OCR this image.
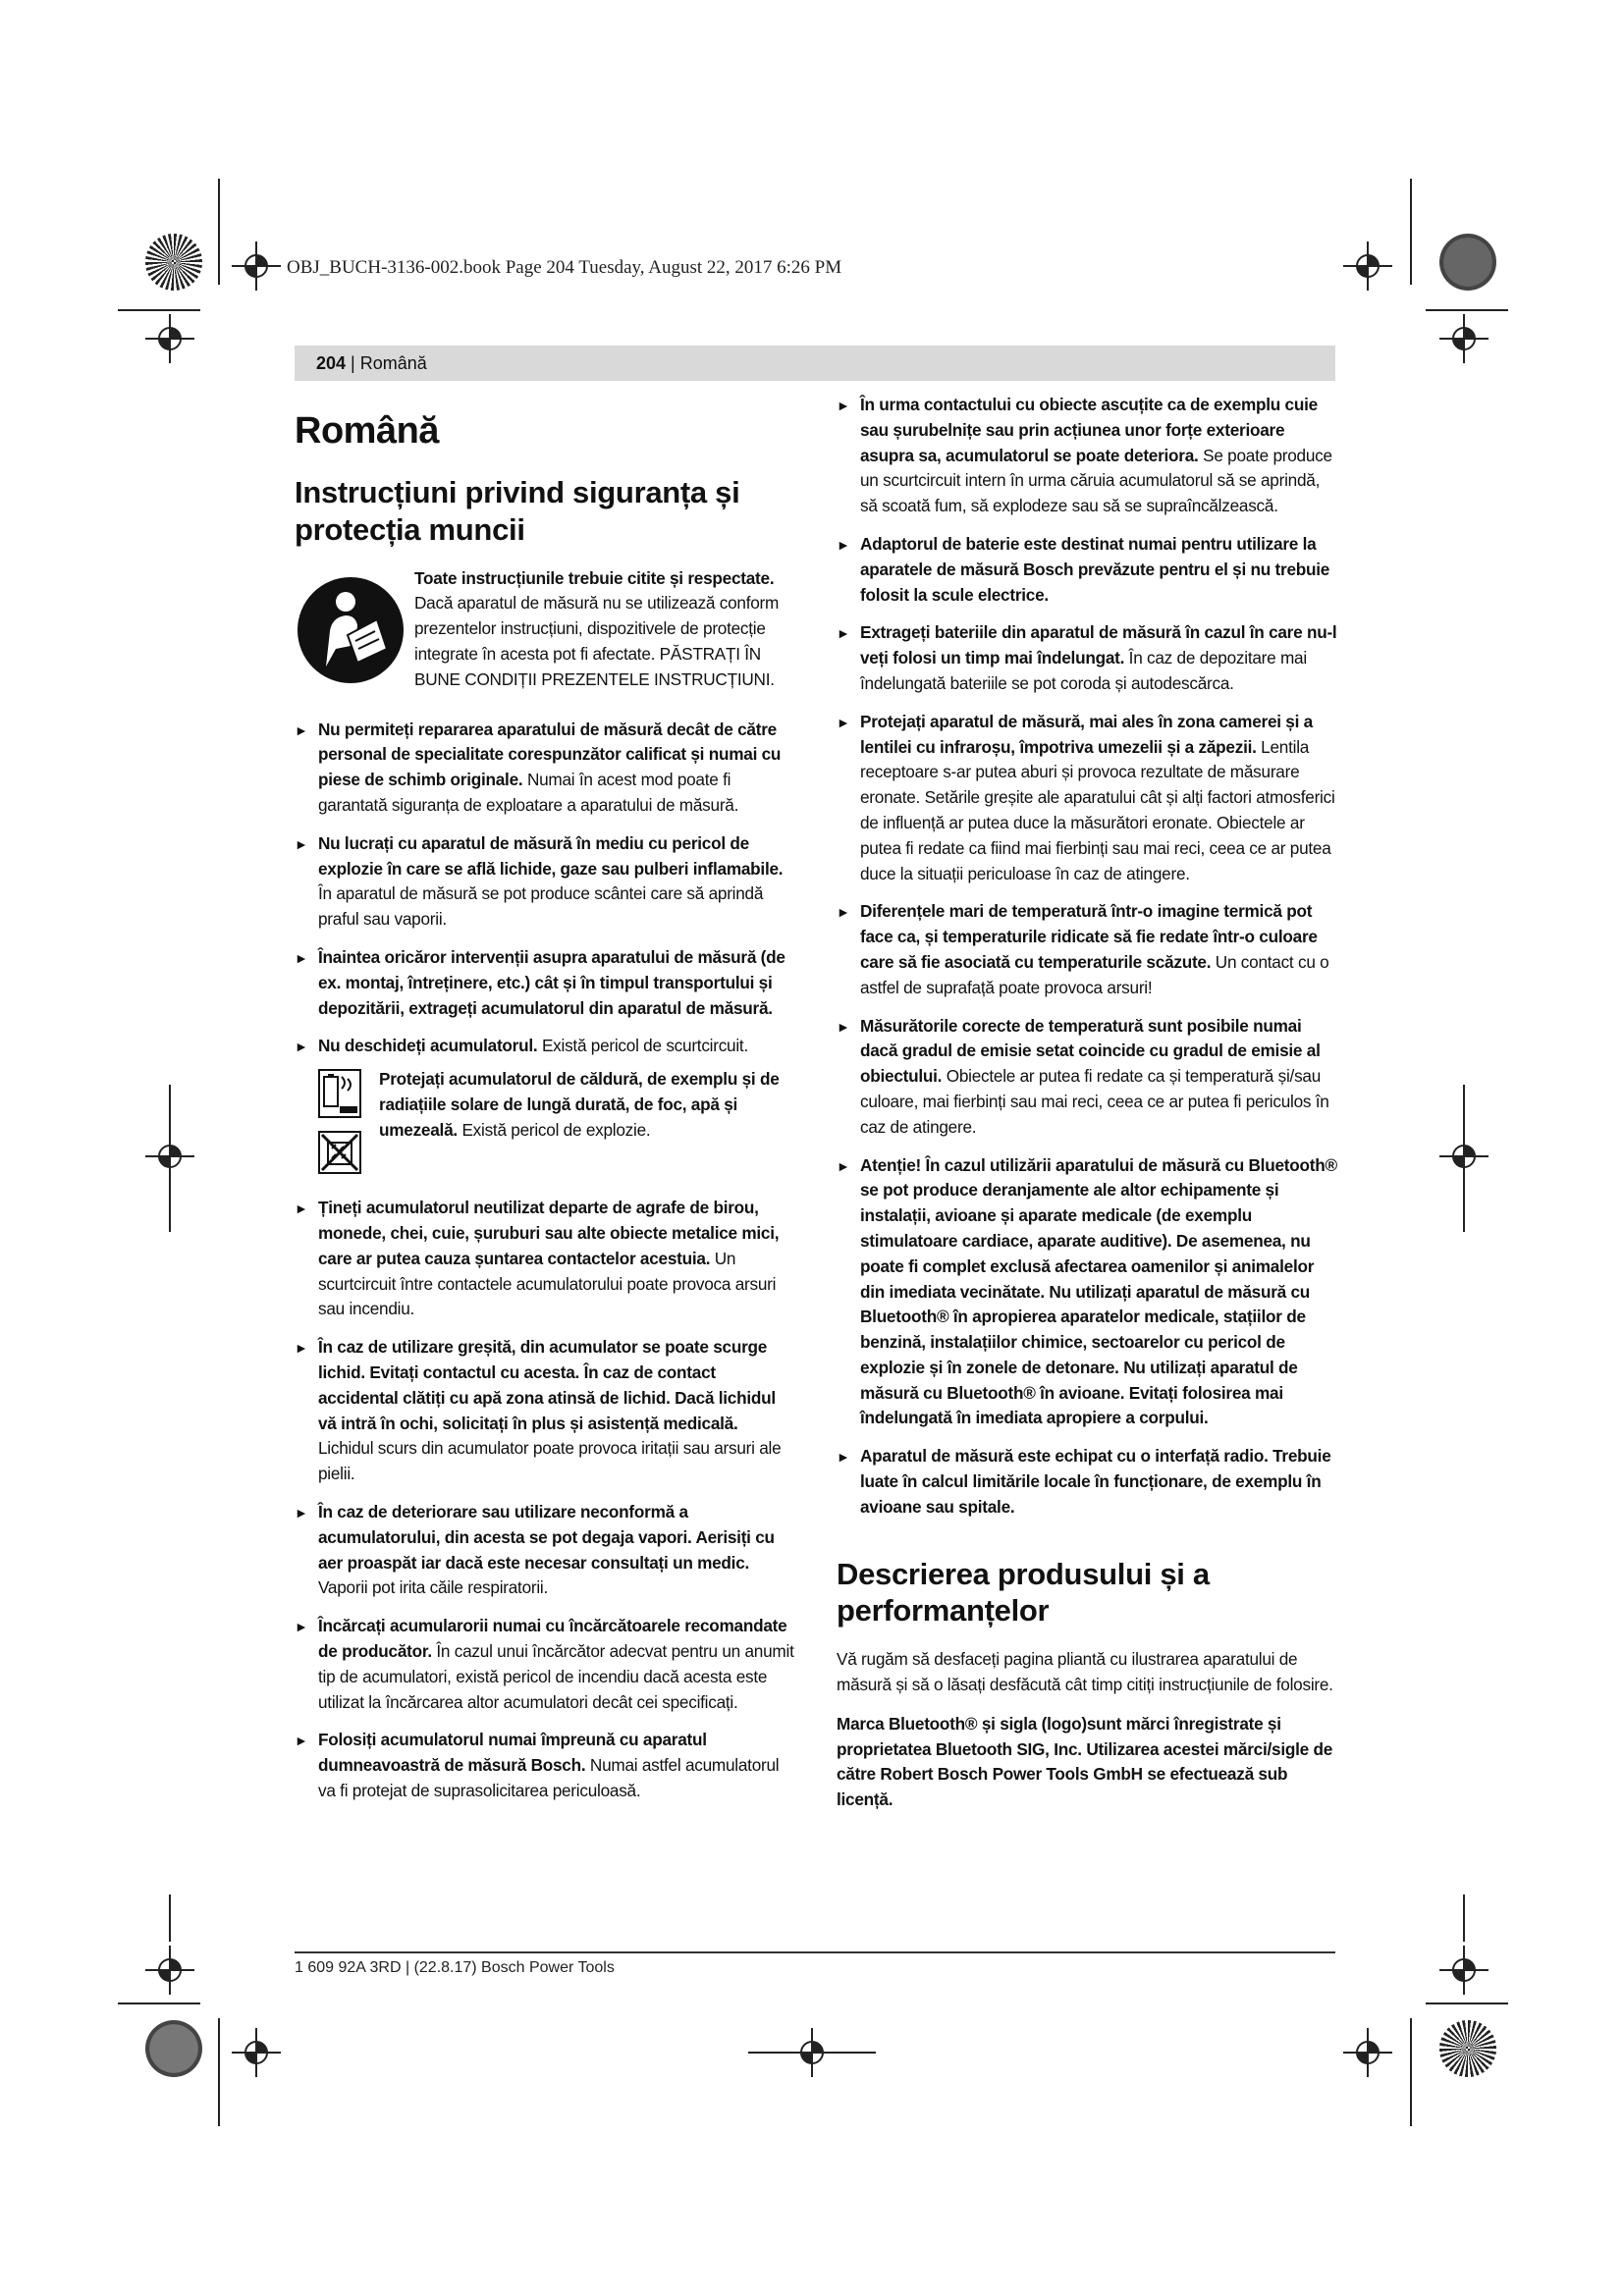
OBJ_BUCH-3136-002.book Page 204 Tuesday, August 22, 2017 6:26 PM
204 | Română
Română
Instrucțiuni privind siguranța și protecția muncii

Toate instrucțiunile trebuie citite și respectate. Dacă aparatul de măsură nu se utilizează conform prezentelor instrucțiuni, dispozitivele de protecție integrate în acesta pot fi afectate. PĂSTRAȚI ÎN BUNE CONDIȚII PREZENTELE INSTRUCȚIUNI.

► Nu permiteți repararea aparatului de măsură decât de către personal de specialitate corespunzător calificat și numai cu piese de schimb originale. Numai în acest mod poate fi garantată siguranța de exploatare a aparatului de măsură.
► Nu lucrați cu aparatul de măsură în mediu cu pericol de explozie în care se află lichide, gaze sau pulberi inflamabile. În aparatul de măsură se pot produce scântei care să aprindă praful sau vaporii.
► Înaintea oricăror intervenții asupra aparatului de măsură (de ex. montaj, întreținere, etc.) cât și în timpul transportului și depozitării, extrageți acumulatorul din aparatul de măsură.
► Nu deschideți acumulatorul. Există pericol de scurtcircuit.

Protejați acumulatorul de căldură, de exemplu și de radiațiile solare de lungă durată, de foc, apă și umezeală. Există pericol de explozie.

► Țineți acumulatorul neutilizat departe de agrafe de birou, monede, chei, cuie, șuruburi sau alte obiecte metalice mici, care ar putea cauza șuntarea contactelor acestuia. Un scurtcircuit între contactele acumulatorului poate provoca arsuri sau incendiu.
► În caz de utilizare greșită, din acumulator se poate scurge lichid. Evitați contactul cu acesta. În caz de contact accidental clătiți cu apă zona atinsă de lichid. Dacă lichidul vă intră în ochi, solicitați în plus și asistență medicală. Lichidul scurs din acumulator poate provoca iritații sau arsuri ale pielii.
► În caz de deteriorare sau utilizare neconformă a acumulatorului, din acesta se pot degaja vapori. Aerisiți cu aer proaspăt iar dacă este necesar consultați un medic. Vaporii pot irita căile respiratorii.
► Încărcați acumularorii numai cu încărcătoarele recomandate de producător. În cazul unui încărcător adecvat pentru un anumit tip de acumulatori, există pericol de incendiu dacă acesta este utilizat la încărcarea altor acumulatori decât cei specificați.
► Folosiți acumulatorul numai împreună cu aparatul dumneavoastră de măsură Bosch. Numai astfel acumulatorul va fi protejat de suprasolicitarea periculoasă.
► În urma contactului cu obiecte ascuțite ca de exemplu cuie sau șurubelnițe sau prin acțiunea unor forțe exterioare asupra sa, acumulatorul se poate deteriora. Se poate produce un scurtcircuit intern în urma căruia acumulatorul să se aprindă, să scoată fum, să explodeze sau să se supraîncălzească.
► Adaptorul de baterie este destinat numai pentru utilizare la aparatele de măsură Bosch prevăzute pentru el și nu trebuie folosit la scule electrice.
► Extrageți bateriile din aparatul de măsură în cazul în care nu-l veți folosi un timp mai îndelungat. În caz de depozitare mai îndelungată bateriile se pot coroda și autodescărca.
► Protejați aparatul de măsură, mai ales în zona camerei și a lentilei cu infraroșu, împotriva umezelii și a zăpezii. Lentila receptoare s-ar putea aburi și provoca rezultate de măsurare eronate. Setările greșite ale aparatului cât și alți factori atmosferici de influență ar putea duce la măsurători eronate. Obiectele ar putea fi redate ca fiind mai fierbinți sau mai reci, ceea ce ar putea duce la situații periculoase în caz de atingere.
► Diferențele mari de temperatură într-o imagine termică pot face ca, și temperaturile ridicate să fie redate într-o culoare care să fie asociată cu temperaturile scăzute. Un contact cu o astfel de suprafață poate provoca arsuri!
► Măsurătorile corecte de temperatură sunt posibile numai dacă gradul de emisie setat coincide cu gradul de emisie al obiectului. Obiectele ar putea fi redate ca și temperatură și/sau culoare, mai fierbinți sau mai reci, ceea ce ar putea fi periculos în caz de atingere.
► Atenție! În cazul utilizării aparatului de măsură cu Bluetooth® se pot produce deranjamente ale altor echipamente și instalații, avioane și aparate medicale (de exemplu stimulatoare cardiace, aparate auditive). De asemenea, nu poate fi complet exclusă afectarea oamenilor și animalelor din imediata vecinătate. Nu utilizați aparatul de măsură cu Bluetooth® în apropierea aparatelor medicale, stațiilor de benzină, instalațiilor chimice, sectoarelor cu pericol de explozie și în zonele de detonare. Nu utilizați aparatul de măsură cu Bluetooth® în avioane. Evitați folosirea mai îndelungată în imediata apropiere a corpului.
► Aparatul de măsură este echipat cu o interfață radio. Trebuie luate în calcul limitările locale în funcționare, de exemplu în avioane sau spitale.
Descrierea produsului și a performanțelor

Vă rugăm să desfaceți pagina pliantă cu ilustrarea aparatului de măsură și să o lăsați desfăcută cât timp citiți instrucțiunile de folosire.

Marca Bluetooth® și sigla (logo)sunt mărci înregistrate și proprietatea Bluetooth SIG, Inc. Utilizarea acestei mărci/sigle de către Robert Bosch Power Tools GmbH se efectuează sub licență.

1 609 92A 3RD | (22.8.17) Bosch Power Tools
